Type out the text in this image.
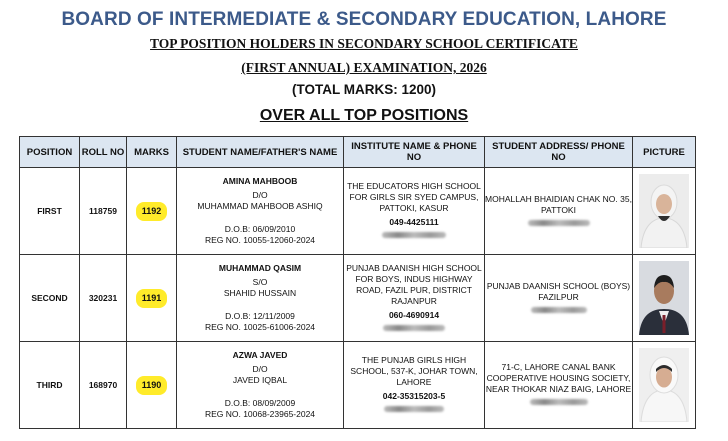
BOARD OF INTERMEDIATE & SECONDARY EDUCATION, LAHORE
TOP POSITION HOLDERS IN SECONDARY SCHOOL CERTIFICATE
(FIRST ANNUAL) EXAMINATION, 2026
(TOTAL MARKS: 1200)
OVER ALL TOP POSITIONS
POSITION	ROLL NO	MARKS	STUDENT NAME/FATHER'S NAME	INSTITUTE NAME & PHONE NO	STUDENT ADDRESS/ PHONE NO	PICTURE
FIRST	118759	1192	AMINA MAHBOOB
D/O
MUHAMMAD MAHBOOB ASHIQ
D.O.B: 06/09/2010
REG NO. 10055-12060-2024	THE EDUCATORS HIGH SCHOOL FOR GIRLS SIR SYED CAMPUS, PATTOKI, KASUR
049-4425111	MOHALLAH BHAIDIAN CHAK NO. 35, PATTOKI

SECOND	320231	1191	MUHAMMAD QASIM
S/O
SHAHID HUSSAIN
D.O.B: 12/11/2009
REG NO. 10025-61006-2024	PUNJAB DAANISH HIGH SCHOOL FOR BOYS, INDUS HIGHWAY ROAD, FAZIL PUR, DISTRICT RAJANPUR
060-4690914	PUNJAB DAANISH SCHOOL (BOYS) FAZILPUR

THIRD	168970	1190	AZWA JAVED
D/O
JAVED IQBAL
D.O.B: 08/09/2009
REG NO. 10068-23965-2024	THE PUNJAB GIRLS HIGH SCHOOL, 537-K, JOHAR TOWN, LAHORE
042-35315203-5	71-C, LAHORE CANAL BANK COOPERATIVE HOUSING SOCIETY, NEAR THOKAR NIAZ BAIG, LAHORE
